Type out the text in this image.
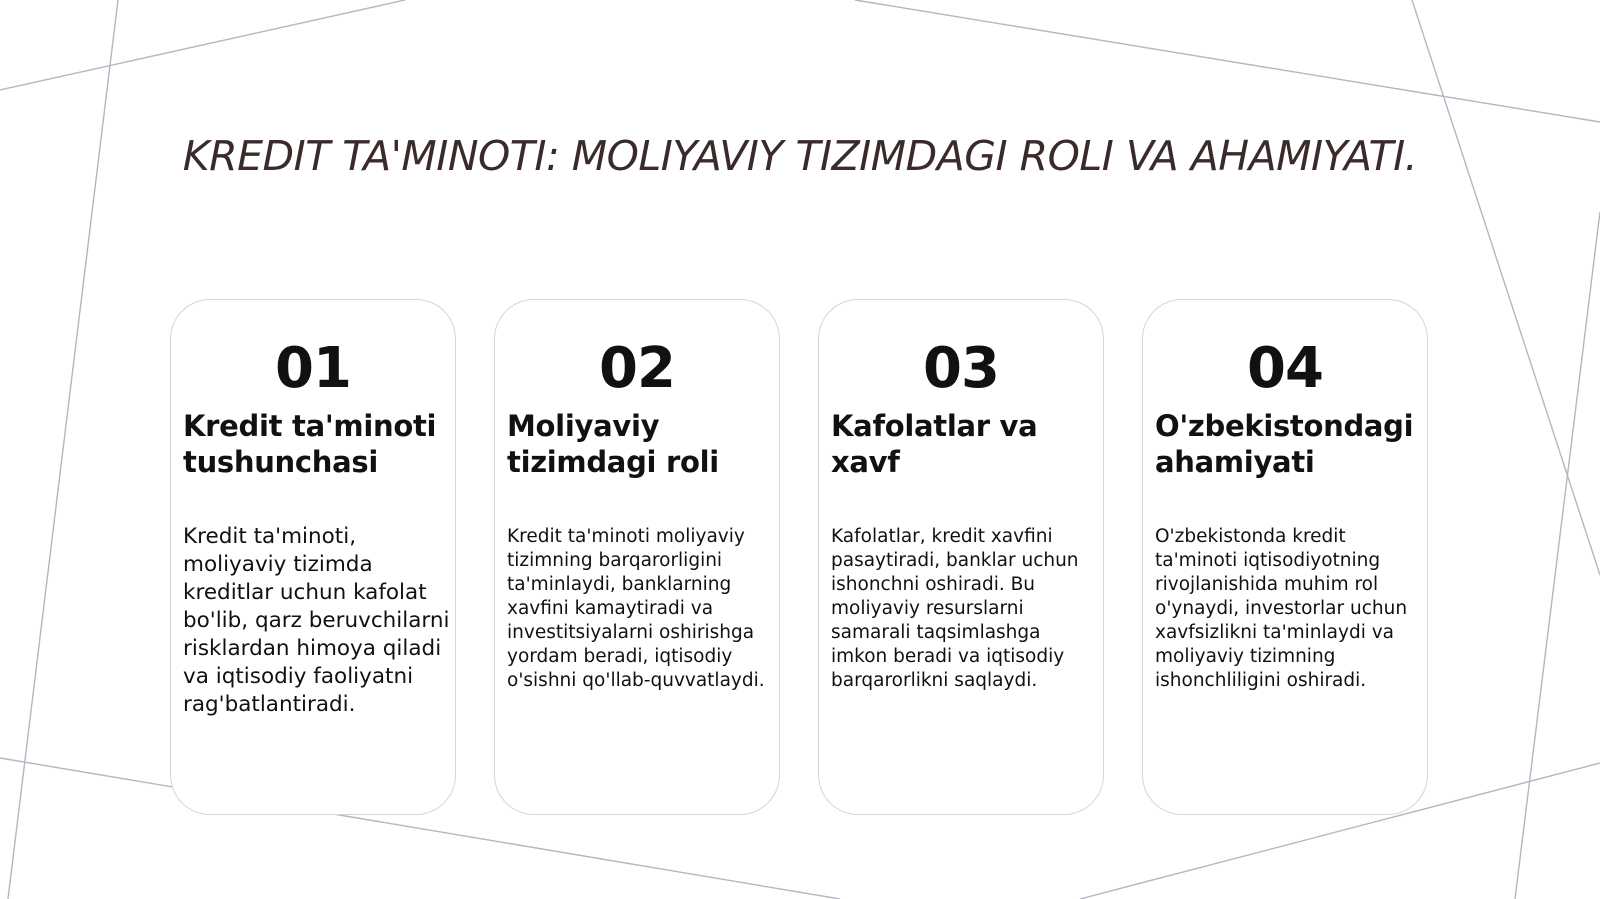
KREDIT TA'MINOTI: MOLIYAVIY TIZIMDAGI ROLI VA AHAMIYATI.
01
Kredit ta'minoti tushunchasi
Kredit ta'minoti, moliyaviy tizimda kreditlar uchun kafolat bo'lib, qarz beruvchilarni risklardan himoya qiladi va iqtisodiy faoliyatni rag'batlantiradi.
02
Moliyaviy tizimdagi roli
Kredit ta'minoti moliyaviy tizimning barqarorligini ta'minlaydi, banklarning xavfini kamaytiradi va investitsiyalarni oshirishga yordam beradi, iqtisodiy o'sishni qo'llab-quvvatlaydi.
03
Kafolatlar va xavf
Kafolatlar, kredit xavfini pasaytiradi, banklar uchun ishonchni oshiradi. Bu moliyaviy resurslarni samarali taqsimlashga imkon beradi va iqtisodiy barqarorlikni saqlaydi.
04
O'zbekistondagi ahamiyati
O'zbekistonda kredit ta'minoti iqtisodiyotning rivojlanishida muhim rol o'ynaydi, investorlar uchun xavfsizlikni ta'minlaydi va moliyaviy tizimning ishonchliligini oshiradi.
